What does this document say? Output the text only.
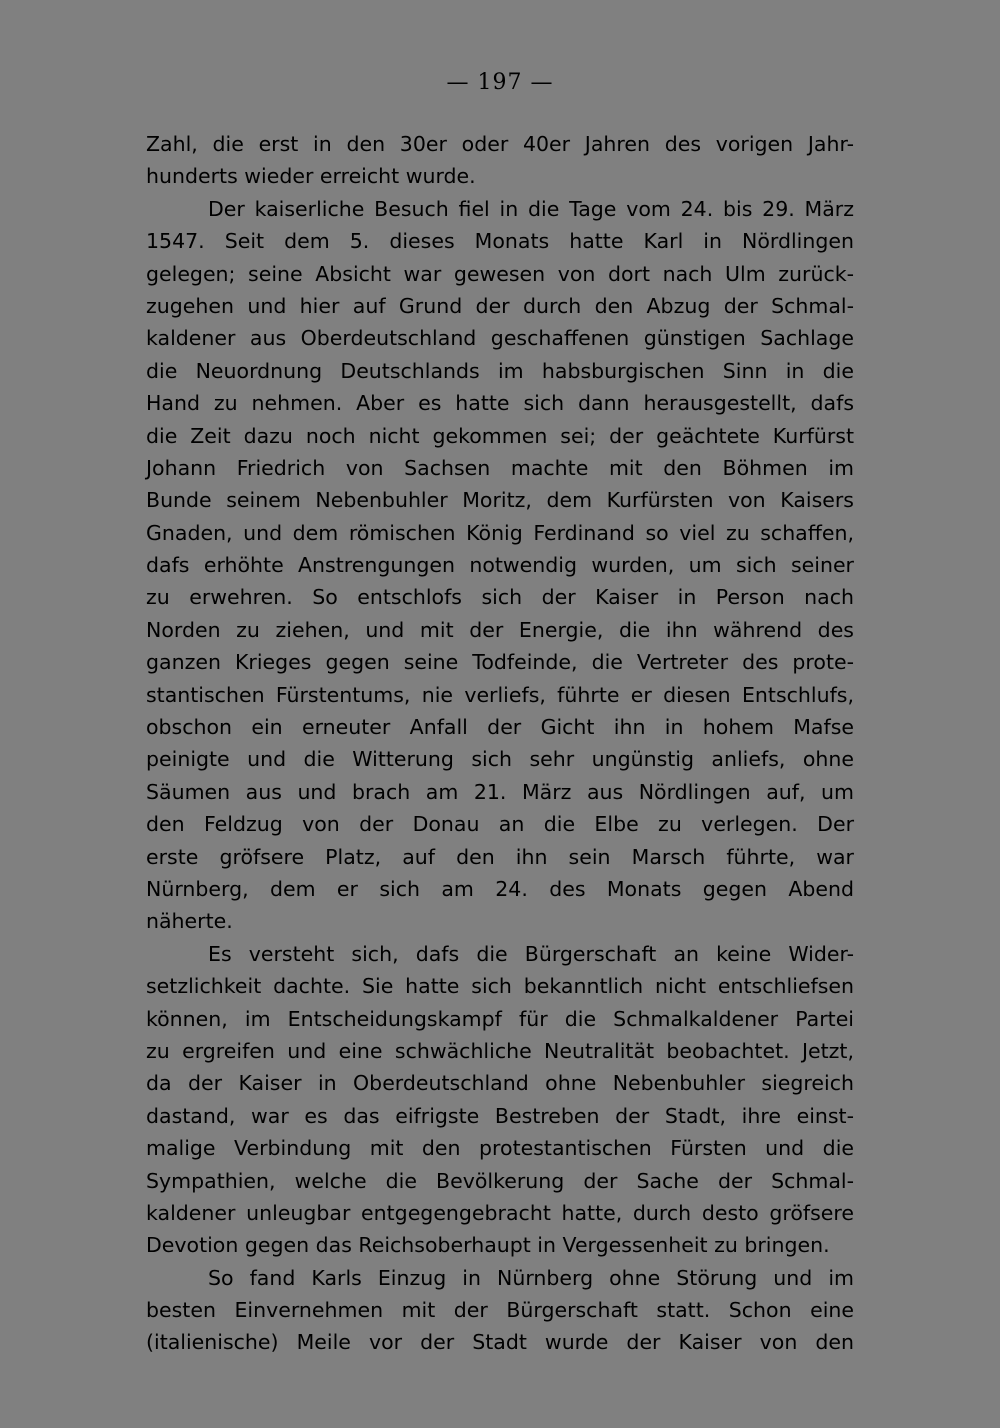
— 197 —
Zahl, die erst in den 30er oder 40er Jahren des vorigen Jahr-
hunderts wieder erreicht wurde.
Der kaiserliche Besuch fiel in die Tage vom 24. bis 29. März
1547. Seit dem 5. dieses Monats hatte Karl in Nördlingen
gelegen; seine Absicht war gewesen von dort nach Ulm zurück-
zugehen und hier auf Grund der durch den Abzug der Schmal-
kaldener aus Oberdeutschland geschaffenen günstigen Sachlage
die Neuordnung Deutschlands im habsburgischen Sinn in die
Hand zu nehmen. Aber es hatte sich dann herausgestellt, dafs
die Zeit dazu noch nicht gekommen sei; der geächtete Kurfürst
Johann Friedrich von Sachsen machte mit den Böhmen im
Bunde seinem Nebenbuhler Moritz, dem Kurfürsten von Kaisers
Gnaden, und dem römischen König Ferdinand so viel zu schaffen,
dafs erhöhte Anstrengungen notwendig wurden, um sich seiner
zu erwehren. So entschlofs sich der Kaiser in Person nach
Norden zu ziehen, und mit der Energie, die ihn während des
ganzen Krieges gegen seine Todfeinde, die Vertreter des prote-
stantischen Fürstentums, nie verliefs, führte er diesen Entschlufs,
obschon ein erneuter Anfall der Gicht ihn in hohem Mafse
peinigte und die Witterung sich sehr ungünstig anliefs, ohne
Säumen aus und brach am 21. März aus Nördlingen auf, um
den Feldzug von der Donau an die Elbe zu verlegen. Der
erste gröfsere Platz, auf den ihn sein Marsch führte, war
Nürnberg, dem er sich am 24. des Monats gegen Abend
näherte.
Es versteht sich, dafs die Bürgerschaft an keine Wider-
setzlichkeit dachte. Sie hatte sich bekanntlich nicht entschliefsen
können, im Entscheidungskampf für die Schmalkaldener Partei
zu ergreifen und eine schwächliche Neutralität beobachtet. Jetzt,
da der Kaiser in Oberdeutschland ohne Nebenbuhler siegreich
dastand, war es das eifrigste Bestreben der Stadt, ihre einst-
malige Verbindung mit den protestantischen Fürsten und die
Sympathien, welche die Bevölkerung der Sache der Schmal-
kaldener unleugbar entgegengebracht hatte, durch desto gröfsere
Devotion gegen das Reichsoberhaupt in Vergessenheit zu bringen.
So fand Karls Einzug in Nürnberg ohne Störung und im
besten Einvernehmen mit der Bürgerschaft statt. Schon eine
(italienische) Meile vor der Stadt wurde der Kaiser von den
